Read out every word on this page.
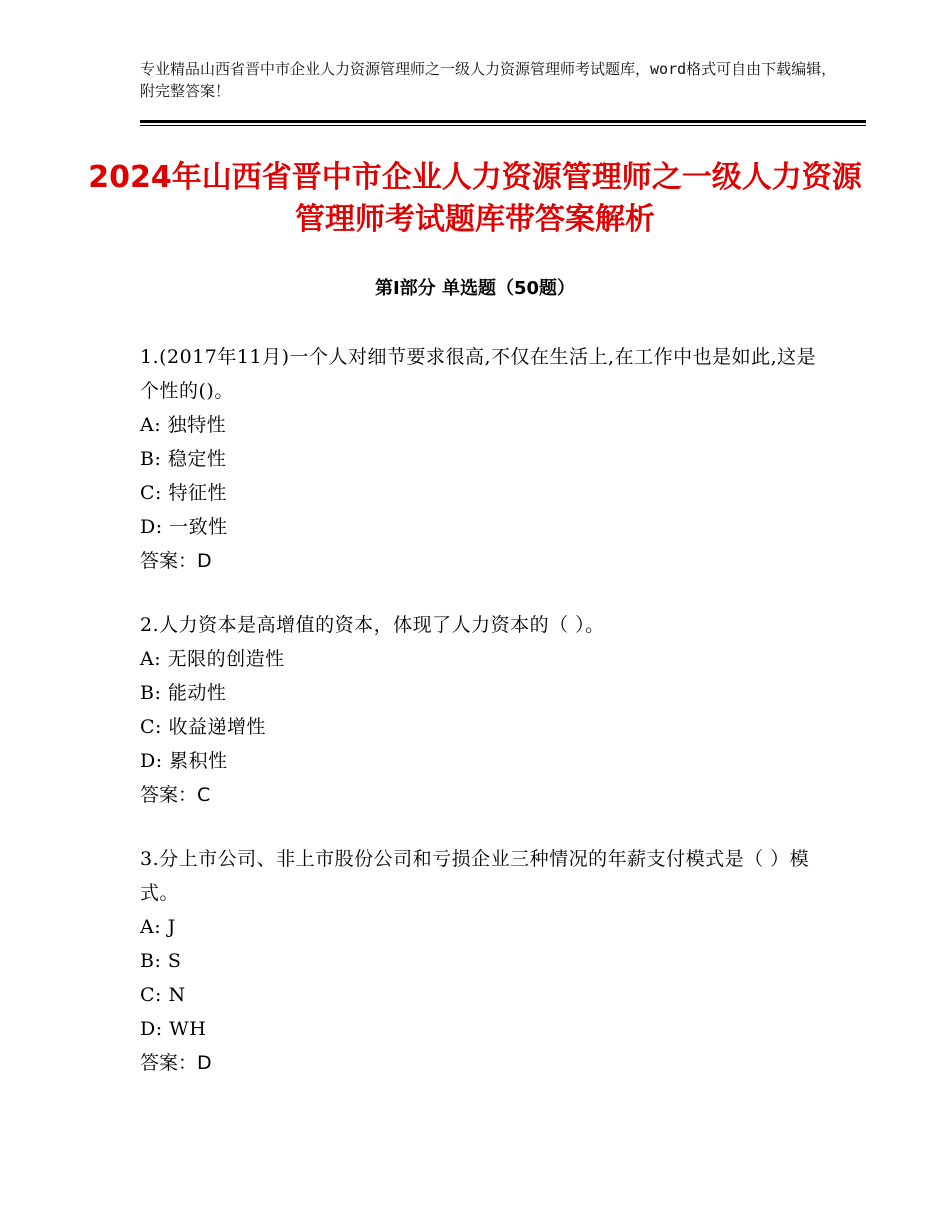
专业精品山西省晋中市企业人力资源管理师之一级人力资源管理师考试题库，word格式可自由下载编辑，附完整答案！
2024年山西省晋中市企业人力资源管理师之一级人力资源管理师考试题库带答案解析
第Ⅰ部分 单选题（50题）
1.(2017年11月)一个人对细节要求很高,不仅在生活上,在工作中也是如此,这是个性的()。
A: 独特性
B: 稳定性
C: 特征性
D: 一致性
答案：D
2.人力资本是高增值的资本，体现了人力资本的（ ）。
A: 无限的创造性
B: 能动性
C: 收益递增性
D: 累积性
答案：C
3.分上市公司、非上市股份公司和亏损企业三种情况的年薪支付模式是（ ）模式。
A: J
B: S
C: N
D: WH
答案：D
